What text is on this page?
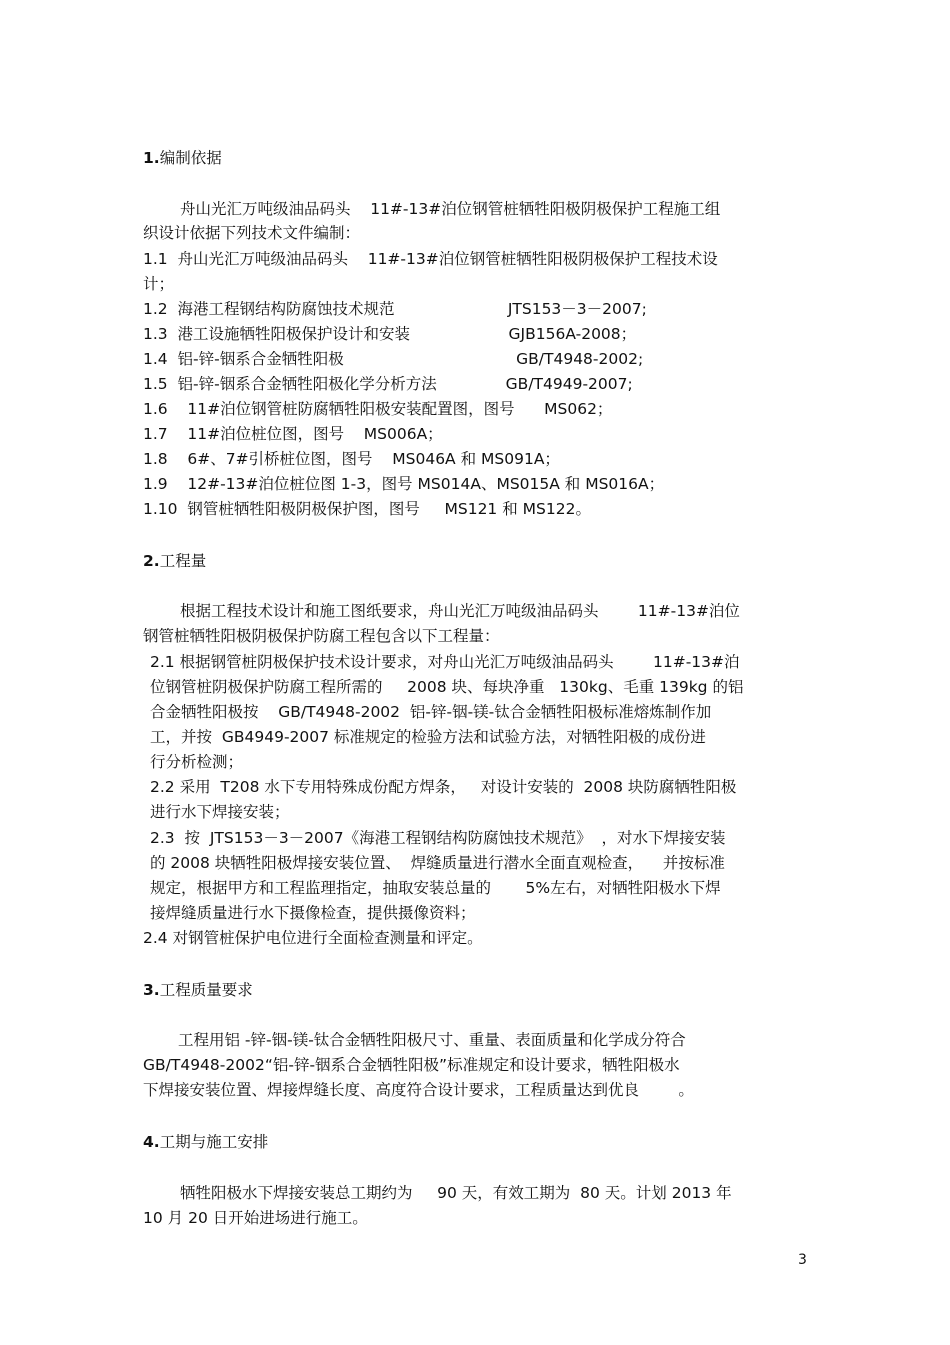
1.编制依据
舟山光汇万吨级油品码头    11#-13#泊位钢管桩牺牲阳极阴极保护工程施工组
织设计依据下列技术文件编制：
1.1  舟山光汇万吨级油品码头    11#-13#泊位钢管桩牺牲阳极阴极保护工程技术设
计；
1.2  海港工程钢结构防腐蚀技术规范                       JTS153－3－2007;
1.3  港工设施牺牲阳极保护设计和安装                    GJB156A-2008；
1.4  铝-锌-铟系合金牺牲阳极                                   GB/T4948-2002;
1.5  铝-锌-铟系合金牺牲阳极化学分析方法              GB/T4949-2007;
1.6    11#泊位钢管桩防腐牺牲阳极安装配置图，图号      MS062；
1.7    11#泊位桩位图，图号    MS006A；
1.8    6#、7#引桥桩位图，图号    MS046A 和 MS091A；
1.9    12#-13#泊位桩位图 1-3，图号 MS014A、MS015A 和 MS016A；
1.10  钢管桩牺牲阳极阴极保护图，图号     MS121 和 MS122。
2.工程量
根据工程技术设计和施工图纸要求，舟山光汇万吨级油品码头        11#-13#泊位
钢管桩牺牲阳极阴极保护防腐工程包含以下工程量：
2.1 根据钢管桩阴极保护技术设计要求，对舟山光汇万吨级油品码头        11#-13#泊
位钢管桩阴极保护防腐工程所需的     2008 块、每块净重   130kg、毛重 139kg 的铝
合金牺牲阳极按    GB/T4948-2002  铝-锌-铟-镁-钛合金牺牲阳极标准熔炼制作加
工，并按  GB4949-2007 标准规定的检验方法和试验方法，对牺牲阳极的成份进
行分析检测；
2.2 采用  T208 水下专用特殊成份配方焊条，   对设计安装的  2008 块防腐牺牲阳极
进行水下焊接安装；
2.3  按  JTS153－3－2007《海港工程钢结构防腐蚀技术规范》  ，对水下焊接安装
的 2008 块牺牲阳极焊接安装位置、  焊缝质量进行潜水全面直观检查，    并按标准
规定，根据甲方和工程监理指定，抽取安装总量的       5%左右，对牺牲阳极水下焊
接焊缝质量进行水下摄像检查，提供摄像资料；
2.4 对钢管桩保护电位进行全面检查测量和评定。
3.工程质量要求
工程用铝 -锌-铟-镁-钛合金牺牲阳极尺寸、重量、表面质量和化学成分符合
GB/T4948-2002“铝-锌-铟系合金牺牲阳极”标准规定和设计要求，牺牲阳极水
下焊接安装位置、焊接焊缝长度、高度符合设计要求，工程质量达到优良        。
4.工期与施工安排
牺牲阳极水下焊接安装总工期约为     90 天，有效工期为  80 天。计划 2013 年
10 月 20 日开始进场进行施工。
3
